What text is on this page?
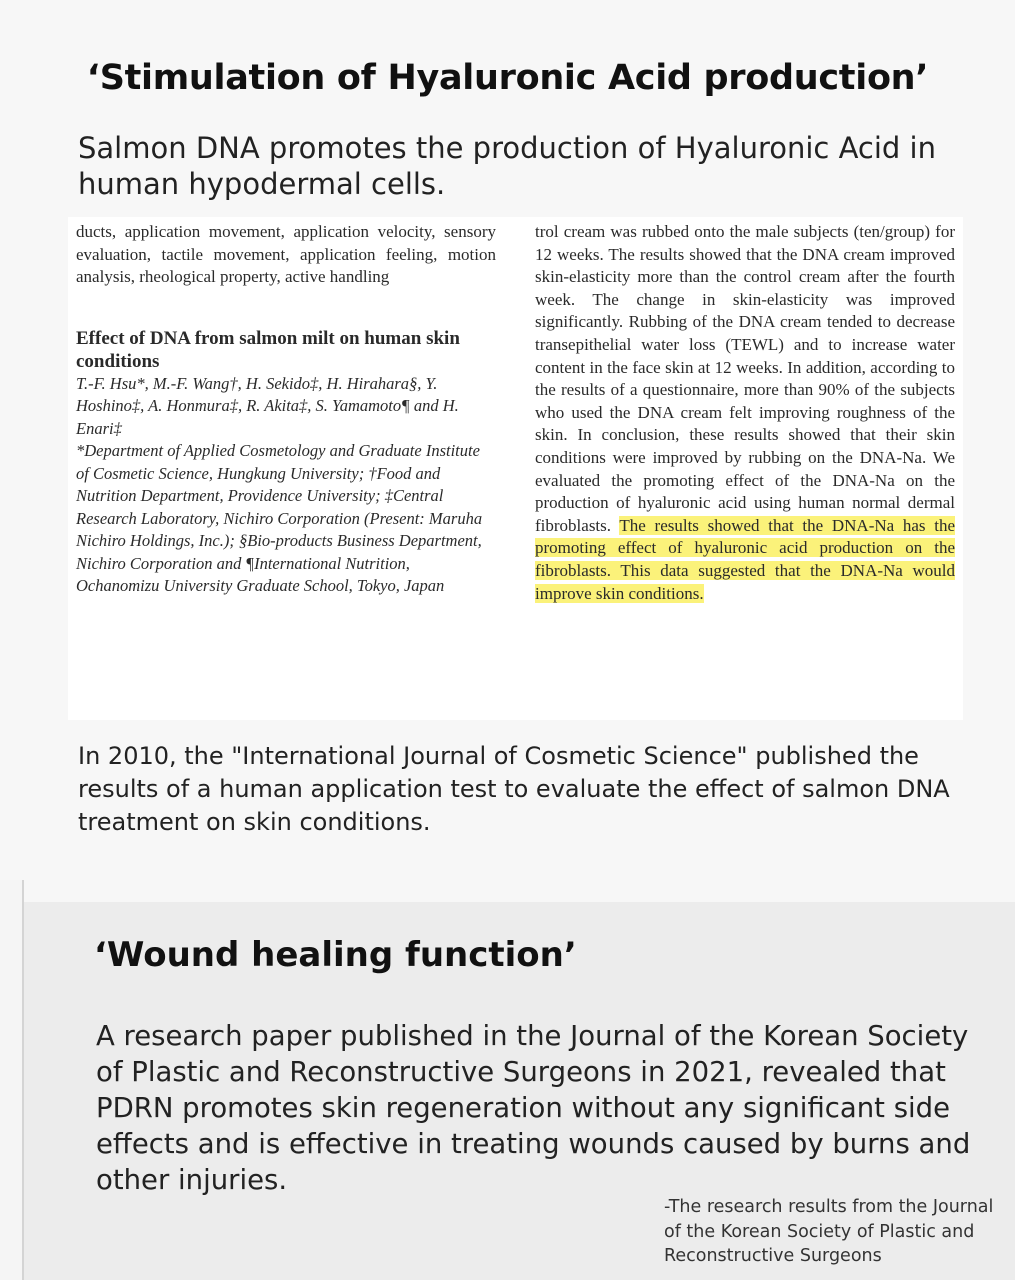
‘Stimulation of Hyaluronic Acid production’
Salmon DNA promotes the production of Hyaluronic Acid in human hypodermal cells.
ducts, application movement, application velocity, sensory evaluation, tactile movement, application feeling, motion analysis, rheological property, active handling
Effect of DNA from salmon milt on human skin conditions
T.-F. Hsu*, M.-F. Wang†, H. Sekido‡, H. Hirahara§, Y. Hoshino‡, A. Honmura‡, R. Akita‡, S. Yamamoto¶ and H. Enari‡
*Department of Applied Cosmetology and Graduate Institute of Cosmetic Science, Hungkung University; †Food and Nutrition Department, Providence University; ‡Central Research Laboratory, Nichiro Corporation (Present: Maruha Nichiro Holdings, Inc.); §Bio-products Business Department, Nichiro Corporation and ¶International Nutrition, Ochanomizu University Graduate School, Tokyo, Japan
trol cream was rubbed onto the male subjects (ten/group) for 12 weeks. The results showed that the DNA cream improved skin-elasticity more than the control cream after the fourth week. The change in skin-elasticity was improved significantly. Rubbing of the DNA cream tended to decrease transepithelial water loss (TEWL) and to increase water content in the face skin at 12 weeks. In addition, according to the results of a questionnaire, more than 90% of the subjects who used the DNA cream felt improving roughness of the skin. In conclusion, these results showed that their skin conditions were improved by rubbing on the DNA-Na. We evaluated the promoting effect of the DNA-Na on the production of hyaluronic acid using human normal dermal fibroblasts. The results showed that the DNA-Na has the promoting effect of hyaluronic acid production on the fibroblasts. This data suggested that the DNA-Na would improve skin conditions.
In 2010, the "International Journal of Cosmetic Science" published the results of a human application test to evaluate the effect of salmon DNA treatment on skin conditions.
‘Wound healing function’
A research paper published in the Journal of the Korean Society of Plastic and Reconstructive Surgeons in 2021, revealed that PDRN promotes skin regeneration without any significant side effects and is effective in treating wounds caused by burns and other injuries.
-The research results from the Journal of the Korean Society of Plastic and Reconstructive Surgeons
